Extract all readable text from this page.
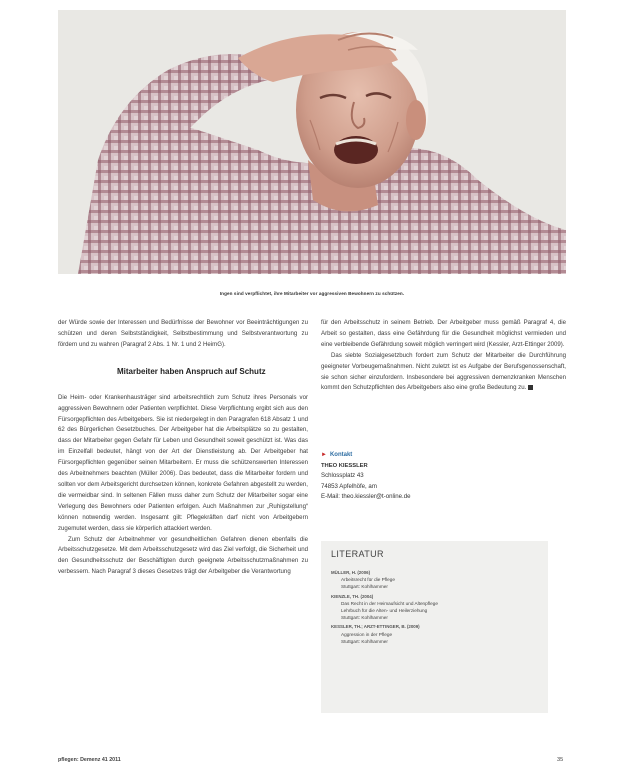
Ingen sind verpflichtet, ihre Mitarbeiter vor aggressiven Bewohnern zu schützen.

der Würde sowie der Interessen und Bedürfnisse der Bewohner vor Beeinträchtigungen zu schützen und deren Selbstständigkeit, Selbstbestimmung und Selbstverantwortung zu fördern und zu wahren (Paragraf 2 Abs. 1 Nr. 1 und 2 HeimG).

Die Heim- oder Krankenhausträger sind arbeitsrechtlich zum Schutz ihres Personals vor aggressiven Bewohnern oder Patienten verpflichtet. Diese Verpflichtung ergibt sich aus den Fürsorgepflichten des Arbeitgebers. Sie ist niedergelegt in den Paragrafen 618 Absatz 1 und 62 des Bürgerlichen Gesetzbuches. Der Arbeitgeber hat die Arbeitsplätze so zu gestalten, dass der Mitarbeiter gegen Gefahr für Leben und Gesundheit soweit geschützt ist. Was das im Einzelfall bedeutet, hängt von der Art der Dienstleistung ab. Der Arbeitgeber hat Fürsorgepflichten gegenüber seinen Mitarbeitern. Er muss die schützenswerten Interessen des Arbeitnehmers beachten (Müller 2006). Das bedeutet, dass die Mitarbeiter fordern und sollten vor dem Arbeitsgericht durchsetzen können, konkrete Gefahren abgestellt zu werden, die vermeidbar sind. In seltenen Fällen muss daher zum Schutz der Mitarbeiter sogar eine Verlegung des Bewohners oder Patienten erfolgen. Auch Maßnahmen zur „Ruhigstellung“ können notwendig werden. Insgesamt gilt: Pflegekräften darf nicht von Arbeitgebern zugemutet werden, dass sie körperlich attackiert werden.

Zum Schutz der Arbeitnehmer vor gesundheitlichen Gefahren dienen ebenfalls die Arbeitsschutzgesetze. Mit dem Arbeitsschutzgesetz wird das Ziel verfolgt, die Sicherheit und den Gesundheitsschutz der Beschäftigten durch geeignete Arbeitsschutzmaßnahmen zu verbessern. Nach Paragraf 3 dieses Gesetzes trägt der Arbeitgeber die Verantwortung

Mitarbeiter haben Anspruch auf Schutz

für den Arbeitsschutz in seinem Betrieb. Der Arbeitgeber muss gemäß Paragraf 4, die Arbeit so gestalten, dass eine Gefährdung für die Gesundheit möglichst vermieden und eine verbleibende Gefährdung soweit möglich verringert wird (Kessler, Arzt-Ettinger 2009).

Das siebte Sozialgesetzbuch fordert zum Schutz der Mitarbeiter die Durchführung geeigneter Vorbeugemaßnahmen. Nicht zuletzt ist es Aufgabe der Berufsgenossenschaft, sie schon sicher einzufordern. Insbesondere bei aggressiven demenzkranken Menschen kommt den Schutzpflichten des Arbeitgebers also eine große Bedeutung zu.

► Kontakt
THEO KIESSLER
Schlossplatz 43
74853 Apfelhöfe, am
E-Mail: theo.kiessler@t-online.de
LITERATUR
MÜLLER, H. (2006)
Arbeitsrecht für die Pflege
Stuttgart: Kohlhammer
KIENZLE, TH. (2004)
Das Recht in der Heimaufsicht und Altenpflege
Lehrbuch für die Alten- und Heilerziehung
Stuttgart: Kohlhammer
KESSLER, TH.; ARZT-ETTINGER, B. (2009)
Aggression in der Pflege
Stuttgart: Kohlhammer
pflegen: Demenz 41 2011	35
